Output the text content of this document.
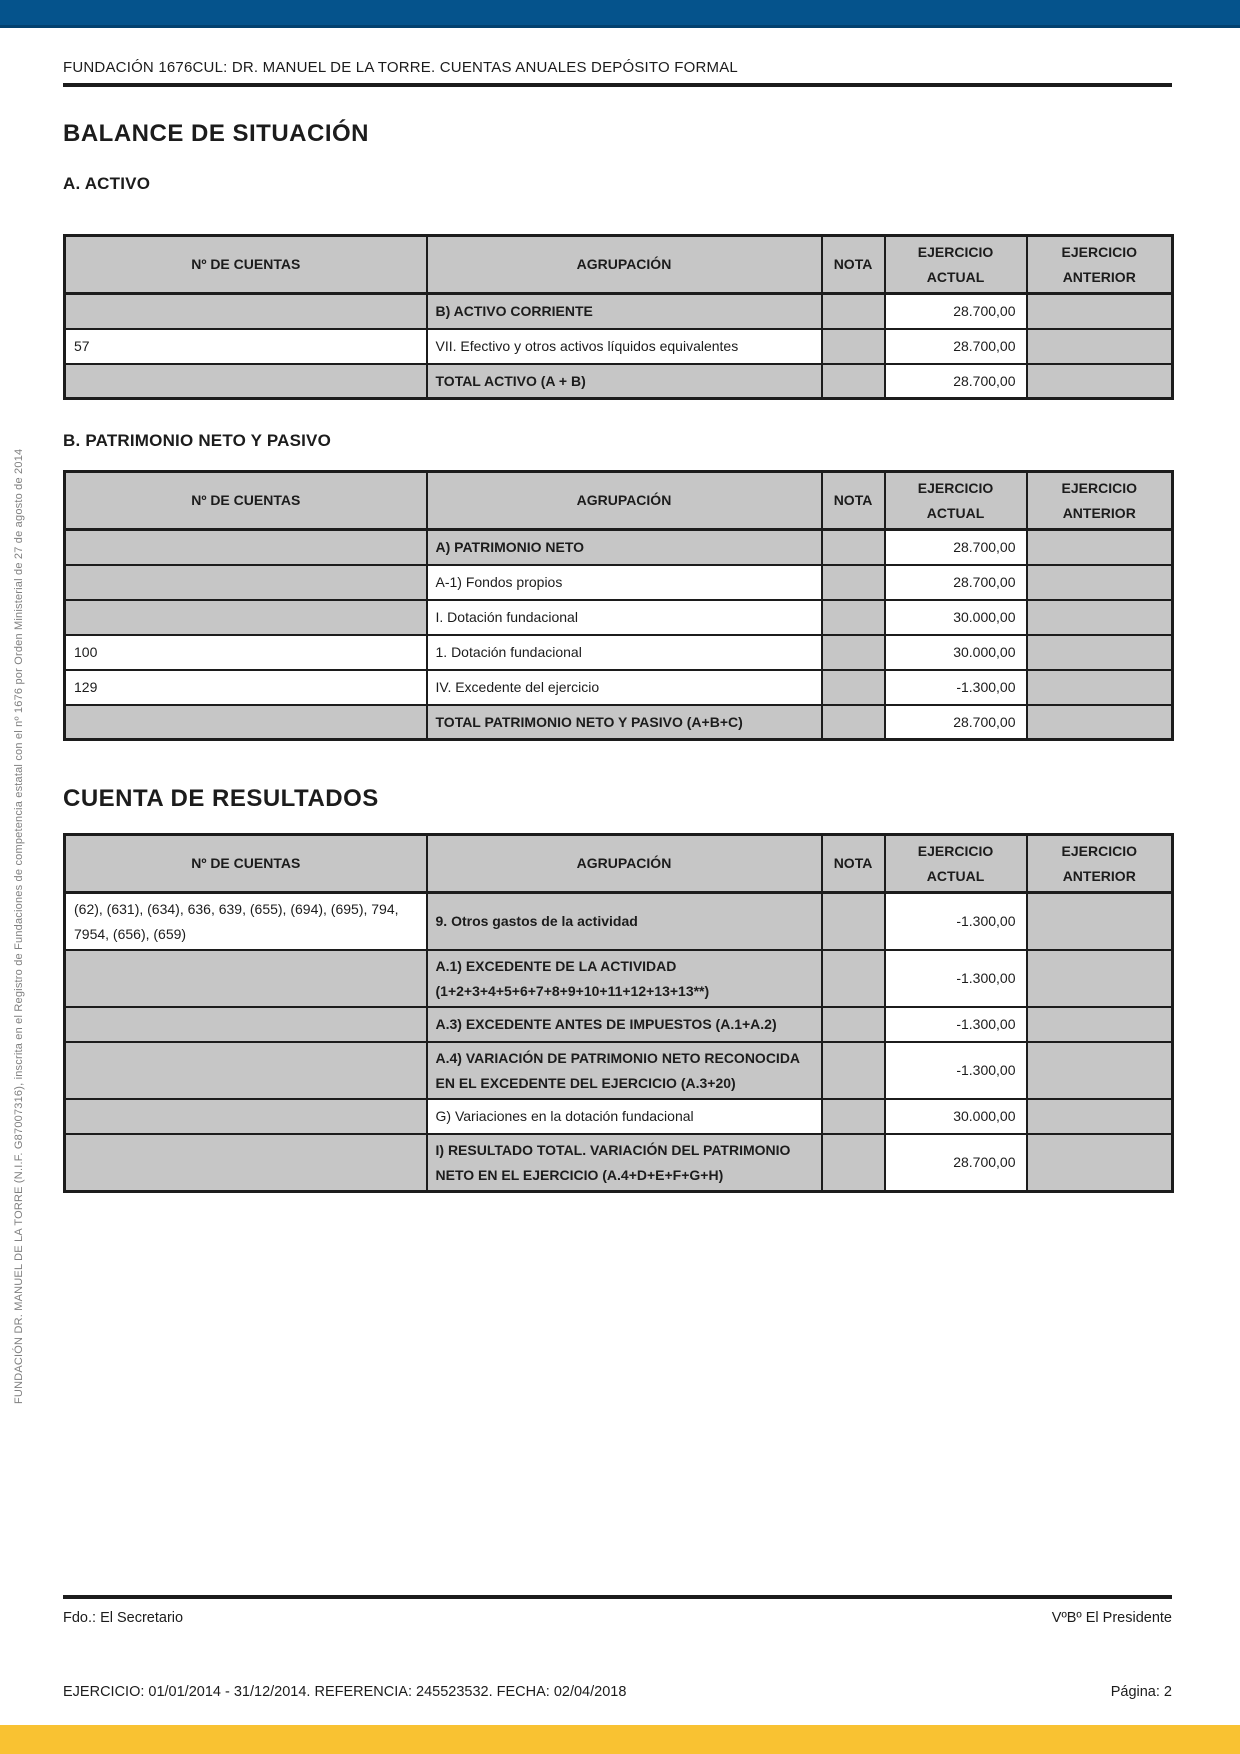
FUNDACIÓN DR. MANUEL DE LA TORRE (N.I.F. G87007316), inscrita en el Registro de Fundaciones de competencia estatal con el nº 1676 por Orden Ministerial de 27 de agosto de 2014
FUNDACIÓN 1676CUL: DR. MANUEL DE LA TORRE. CUENTAS ANUALES DEPÓSITO FORMAL
BALANCE DE SITUACIÓN
A. ACTIVO
Nº DE CUENTAS	AGRUPACIÓN	NOTA	EJERCICIO ACTUAL	EJERCICIO ANTERIOR
	B) ACTIVO CORRIENTE		28.700,00	
57	VII. Efectivo y otros activos líquidos equivalentes		28.700,00	
	TOTAL ACTIVO (A + B)		28.700,00	
B. PATRIMONIO NETO Y PASIVO
Nº DE CUENTAS	AGRUPACIÓN	NOTA	EJERCICIO ACTUAL	EJERCICIO ANTERIOR
	A) PATRIMONIO NETO		28.700,00	
	A-1) Fondos propios		28.700,00	
	I. Dotación fundacional		30.000,00	
100	1. Dotación fundacional		30.000,00	
129	IV. Excedente del ejercicio		-1.300,00	
	TOTAL PATRIMONIO NETO Y PASIVO (A+B+C)		28.700,00	
CUENTA DE RESULTADOS
Nº DE CUENTAS	AGRUPACIÓN	NOTA	EJERCICIO ACTUAL	EJERCICIO ANTERIOR
(62), (631), (634), 636, 639, (655), (694), (695), 794, 7954, (656), (659)	9. Otros gastos de la actividad		-1.300,00	
	A.1) EXCEDENTE DE LA ACTIVIDAD (1+2+3+4+5+6+7+8+9+10+11+12+13+13**)		-1.300,00	
	A.3) EXCEDENTE ANTES DE IMPUESTOS (A.1+A.2)		-1.300,00	
	A.4) VARIACIÓN DE PATRIMONIO NETO RECONOCIDA EN EL EXCEDENTE DEL EJERCICIO (A.3+20)		-1.300,00	
	G) Variaciones en la dotación fundacional		30.000,00	
	I) RESULTADO TOTAL. VARIACIÓN DEL PATRIMONIO NETO EN EL EJERCICIO (A.4+D+E+F+G+H)		28.700,00	
Fdo.: El Secretario	VºBº El Presidente
EJERCICIO: 01/01/2014 - 31/12/2014. REFERENCIA: 245523532. FECHA: 02/04/2018	Página: 2
